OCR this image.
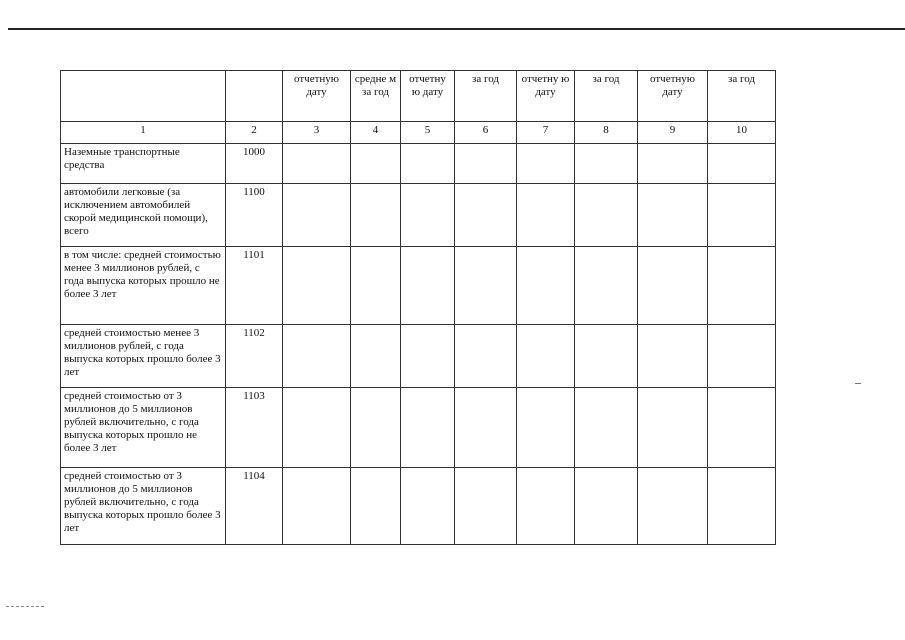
		отчетную дату	средне м за год	отчетну ю дату	за год	отчетну ю дату	за год	отчетную дату	за год
1	2	3	4	5	6	7	8	9	10
Наземные транспортные средства	1000								
автомобили легковые (за исключением автомобилей скорой медицинской помощи), всего	1100								
в том числе: средней стоимостью менее 3 миллионов рублей, с года выпуска которых прошло не более 3 лет	1101								
средней стоимостью менее 3 миллионов рублей, с года выпуска которых прошло более 3 лет	1102								
средней стоимостью от 3 миллионов до 5 миллионов рублей включительно, с года выпуска которых прошло не более 3 лет	1103								
средней стоимостью от 3 миллионов до 5 миллионов рублей включительно, с года выпуска которых прошло более 3 лет	1104								
